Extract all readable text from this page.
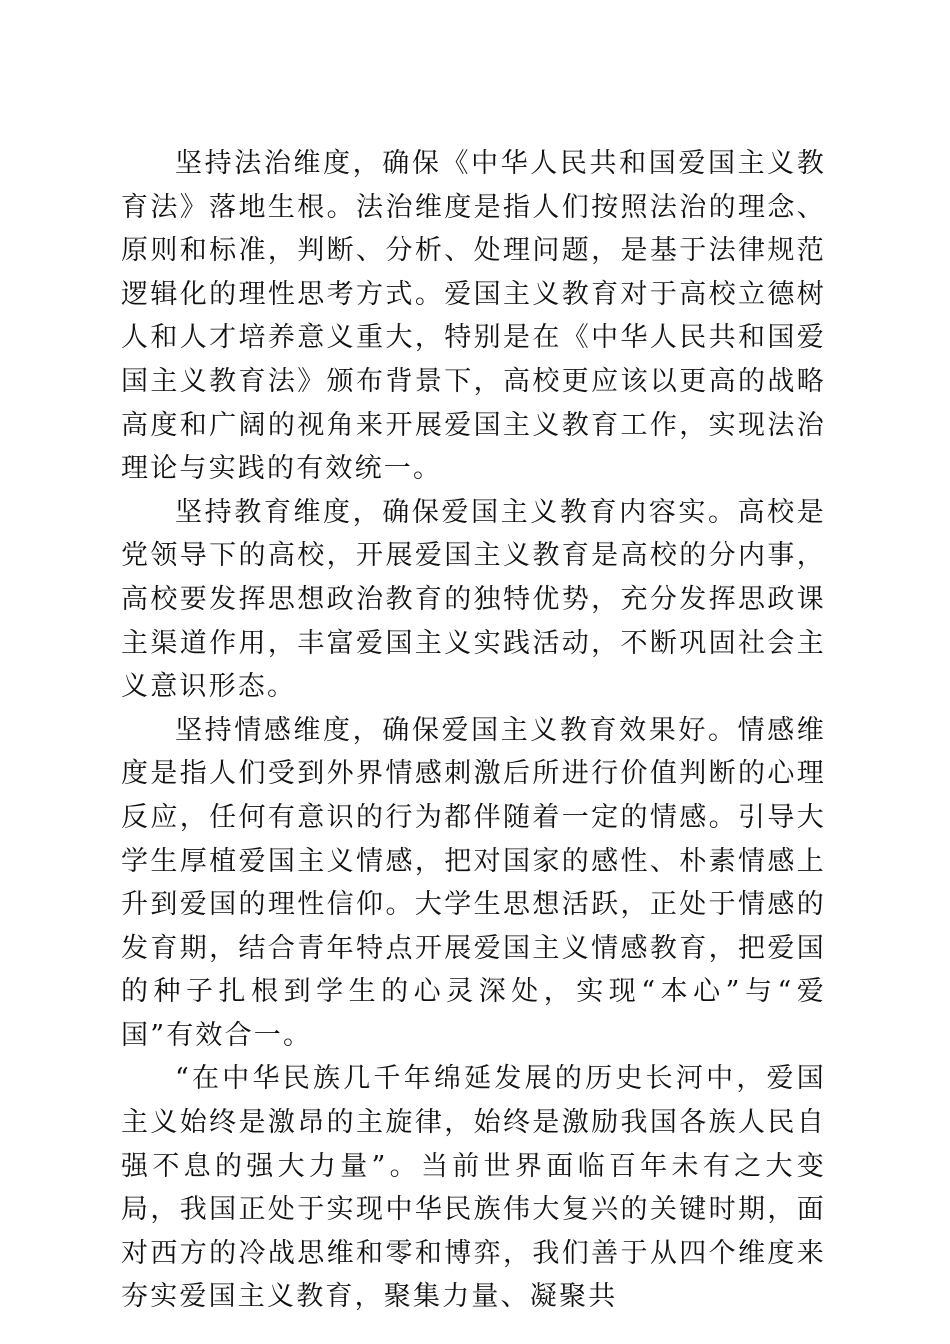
坚持法治维度，确保《中华人民共和国爱国主义教育法》落地生根。法治维度是指人们按照法治的理念、原则和标准，判断、分析、处理问题，是基于法律规范逻辑化的理性思考方式。爱国主义教育对于高校立德树人和人才培养意义重大，特别是在《中华人民共和国爱国主义教育法》颁布背景下，高校更应该以更高的战略高度和广阔的视角来开展爱国主义教育工作，实现法治理论与实践的有效统一。

坚持教育维度，确保爱国主义教育内容实。高校是党领导下的高校，开展爱国主义教育是高校的分内事，高校要发挥思想政治教育的独特优势，充分发挥思政课主渠道作用，丰富爱国主义实践活动，不断巩固社会主义意识形态。

坚持情感维度，确保爱国主义教育效果好。情感维度是指人们受到外界情感刺激后所进行价值判断的心理反应，任何有意识的行为都伴随着一定的情感。引导大学生厚植爱国主义情感，把对国家的感性、朴素情感上升到爱国的理性信仰。大学生思想活跃，正处于情感的发育期，结合青年特点开展爱国主义情感教育，把爱国的种子扎根到学生的心灵深处，实现“本心”与“爱国”有效合一。

“在中华民族几千年绵延发展的历史长河中，爱国主义始终是激昂的主旋律，始终是激励我国各族人民自强不息的强大力量”。当前世界面临百年未有之大变局，我国正处于实现中华民族伟大复兴的关键时期，面对西方的冷战思维和零和博弈，我们善于从四个维度来夯实爱国主义教育，聚集力量、凝聚共
